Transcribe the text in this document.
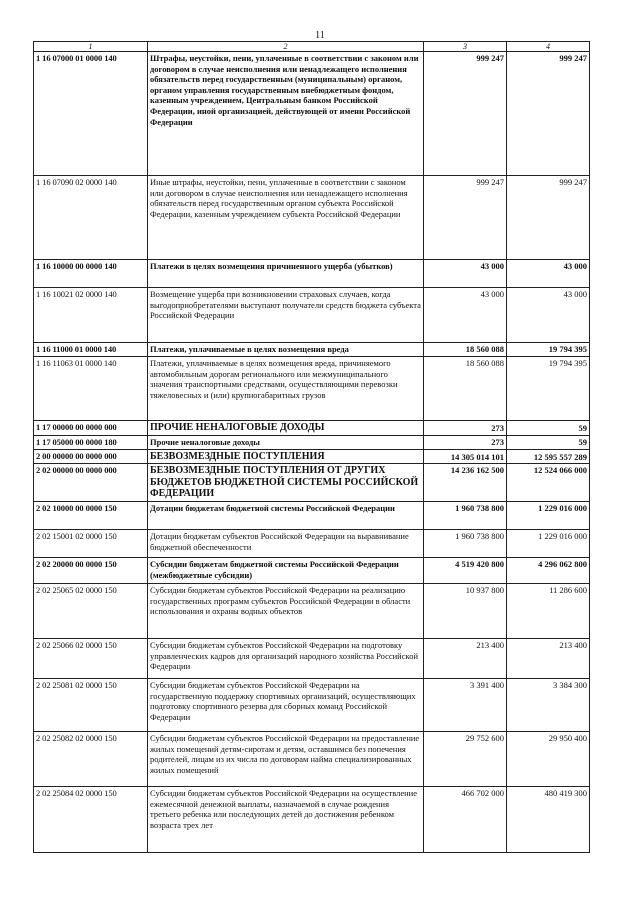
11
1	2	3	4
1 16 07000 01 0000 140	Штрафы, неустойки, пени, уплаченные в соответствии с законом или договором в случае неисполнения или ненадлежащего исполнения обязательств перед государственным (муниципальным) органом, органом управления государственным внебюджетным фондом, казенным учреждением, Центральным банком Российской Федерации, иной организацией, действующей от имени Российской Федерации	999 247	999 247
1 16 07090 02 0000 140	Иные штрафы, неустойки, пени, уплаченные в соответствии с законом или договором в случае неисполнения или ненадлежащего исполнения обязательств перед государственным органом субъекта Российской Федерации, казенным учреждением субъекта Российской Федерации	999 247	999 247
1 16 10000 00 0000 140	Платежи в целях возмещения причиненного ущерба (убытков)	43 000	43 000
1 16 10021 02 0000 140	Возмещение ущерба при возникновении страховых случаев, когда выгодоприобретателями выступают получатели средств бюджета субъекта Российской Федерации	43 000	43 000
1 16 11000 01 0000 140	Платежи, уплачиваемые в целях возмещения вреда	18 560 088	19 794 395
1 16 11063 01 0000 140	Платежи, уплачиваемые в целях возмещения вреда, причиняемого автомобильным дорогам регионального или межмуниципального значения транспортными средствами, осуществляющими перевозки тяжеловесных и (или) крупногабаритных грузов	18 560 088	19 794 395
1 17 00000 00 0000 000	ПРОЧИЕ НЕНАЛОГОВЫЕ ДОХОДЫ	273	59
1 17 05000 00 0000 180	Прочие неналоговые доходы	273	59
2 00 00000 00 0000 000	БЕЗВОЗМЕЗДНЫЕ ПОСТУПЛЕНИЯ	14 305 014 101	12 595 557 289
2 02 00000 00 0000 000	БЕЗВОЗМЕЗДНЫЕ ПОСТУПЛЕНИЯ ОТ ДРУГИХ БЮДЖЕТОВ БЮДЖЕТНОЙ СИСТЕМЫ РОССИЙСКОЙ ФЕДЕРАЦИИ	14 236 162 500	12 524 066 000
2 02 10000 00 0000 150	Дотации бюджетам бюджетной системы Российской Федерации	1 960 738 800	1 229 016 000
2 02 15001 02 0000 150	Дотации бюджетам субъектов Российской Федерации на выравнивание бюджетной обеспеченности	1 960 738 800	1 229 016 000
2 02 20000 00 0000 150	Субсидии бюджетам бюджетной системы Российской Федерации (межбюджетные субсидии)	4 519 420 800	4 296 062 800
2 02 25065 02 0000 150	Субсидии бюджетам субъектов Российской Федерации на реализацию государственных программ субъектов Российской Федерации в области использования и охраны водных объектов	10 937 800	11 286 600
2 02 25066 02 0000 150	Субсидии бюджетам субъектов Российской Федерации на подготовку управленческих кадров для организаций народного хозяйства Российской Федерации	213 400	213 400
2 02 25081 02 0000 150	Субсидии бюджетам субъектов Российской Федерации на государственную поддержку спортивных организаций, осуществляющих подготовку спортивного резерва для сборных команд Российской Федерации	3 391 400	3 384 300
2 02 25082 02 0000 150	Субсидии бюджетам субъектов Российской Федерации на предоставление жилых помещений детям-сиротам и детям, оставшимся без попечения родителей, лицам из их числа по договорам найма специализированных жилых помещений	29 752 600	29 950 400
2 02 25084 02 0000 150	Субсидии бюджетам субъектов Российской Федерации на осуществление ежемесячной денежной выплаты, назначаемой в случае рождения третьего ребенка или последующих детей до достижения ребенком возраста трех лет	466 702 000	480 419 300
